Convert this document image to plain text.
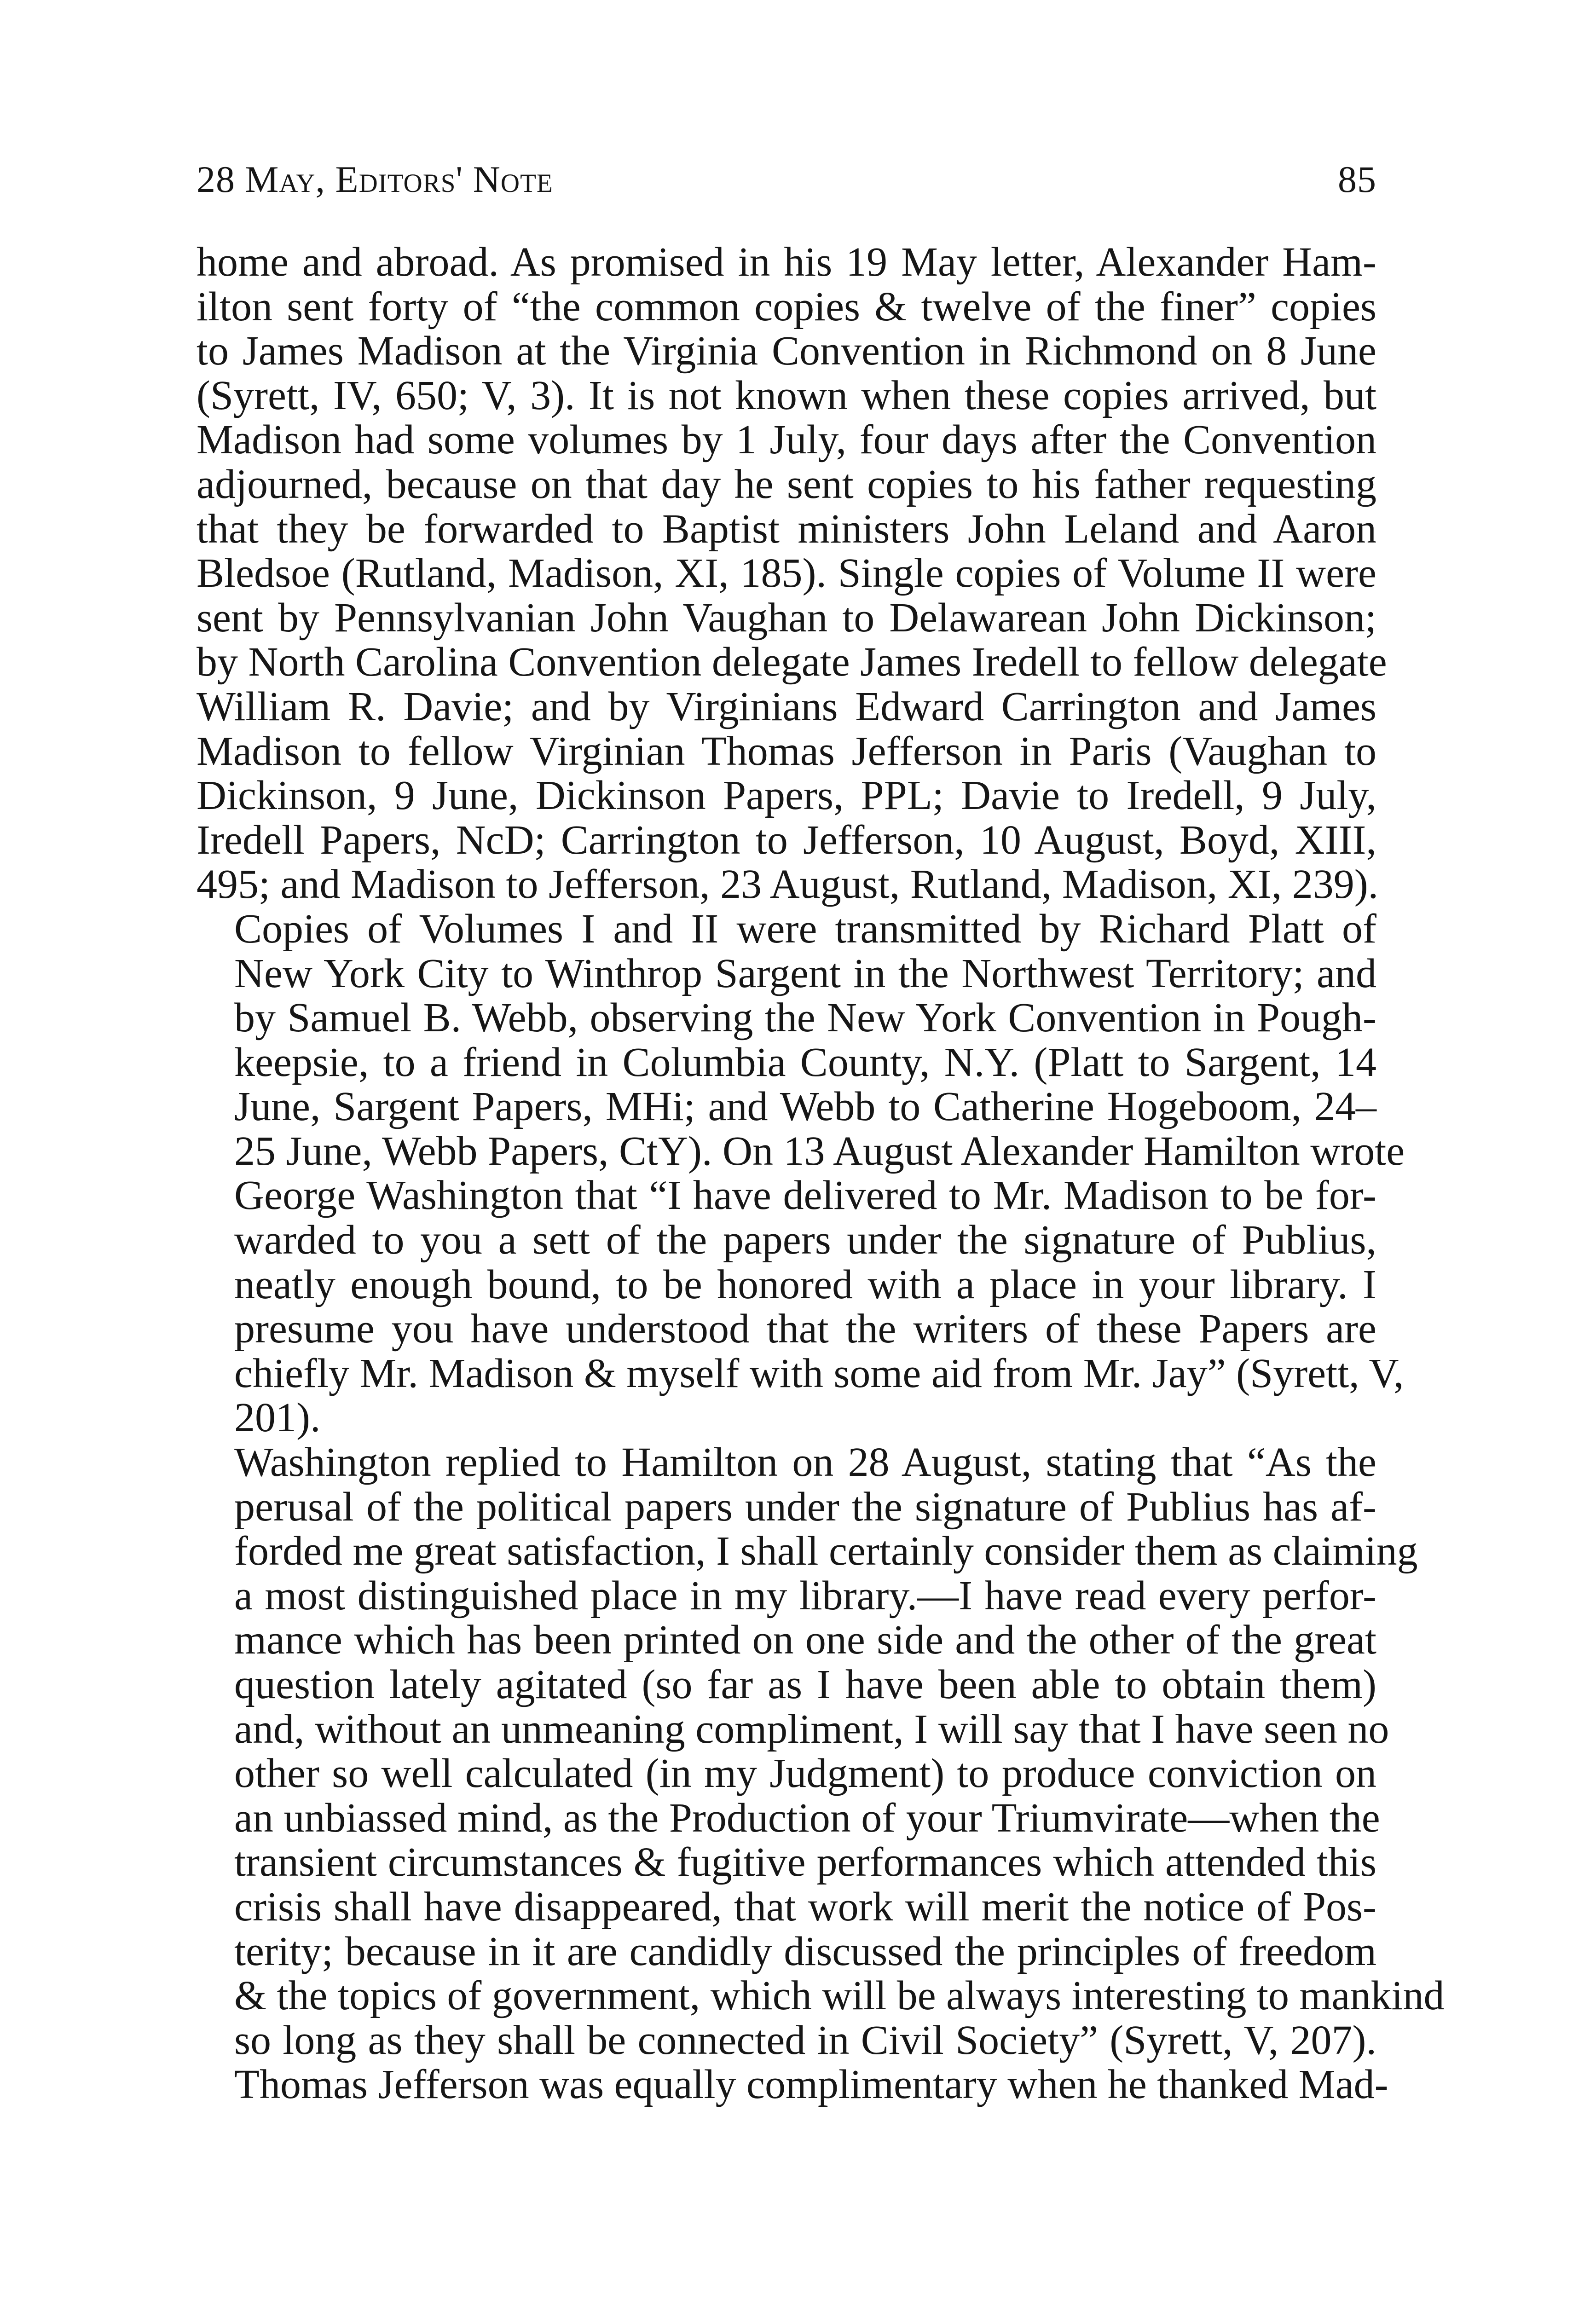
28 May, Editors' Note	85
home and abroad. As promised in his 19 May letter, Alexander Ham-
ilton sent forty of “the common copies & twelve of the finer” copies
to James Madison at the Virginia Convention in Richmond on 8 June
(Syrett, IV, 650; V, 3). It is not known when these copies arrived, but
Madison had some volumes by 1 July, four days after the Convention
adjourned, because on that day he sent copies to his father requesting
that they be forwarded to Baptist ministers John Leland and Aaron
Bledsoe (Rutland, Madison, XI, 185). Single copies of Volume II were
sent by Pennsylvanian John Vaughan to Delawarean John Dickinson;
by North Carolina Convention delegate James Iredell to fellow delegate
William R. Davie; and by Virginians Edward Carrington and James
Madison to fellow Virginian Thomas Jefferson in Paris (Vaughan to
Dickinson, 9 June, Dickinson Papers, PPL; Davie to Iredell, 9 July,
Iredell Papers, NcD; Carrington to Jefferson, 10 August, Boyd, XIII,
495; and Madison to Jefferson, 23 August, Rutland, Madison, XI, 239).
Copies of Volumes I and II were transmitted by Richard Platt of
New York City to Winthrop Sargent in the Northwest Territory; and
by Samuel B. Webb, observing the New York Convention in Pough-
keepsie, to a friend in Columbia County, N.Y. (Platt to Sargent, 14
June, Sargent Papers, MHi; and Webb to Catherine Hogeboom, 24–
25 June, Webb Papers, CtY). On 13 August Alexander Hamilton wrote
George Washington that “I have delivered to Mr. Madison to be for-
warded to you a sett of the papers under the signature of Publius,
neatly enough bound, to be honored with a place in your library. I
presume you have understood that the writers of these Papers are
chiefly Mr. Madison & myself with some aid from Mr. Jay” (Syrett, V,
201).
Washington replied to Hamilton on 28 August, stating that “As the
perusal of the political papers under the signature of Publius has af-
forded me great satisfaction, I shall certainly consider them as claiming
a most distinguished place in my library.—I have read every perfor-
mance which has been printed on one side and the other of the great
question lately agitated (so far as I have been able to obtain them)
and, without an unmeaning compliment, I will say that I have seen no
other so well calculated (in my Judgment) to produce conviction on
an unbiassed mind, as the Production of your Triumvirate—when the
transient circumstances & fugitive performances which attended this
crisis shall have disappeared, that work will merit the notice of Pos-
terity; because in it are candidly discussed the principles of freedom
& the topics of government, which will be always interesting to mankind
so long as they shall be connected in Civil Society” (Syrett, V, 207).
Thomas Jefferson was equally complimentary when he thanked Mad-
